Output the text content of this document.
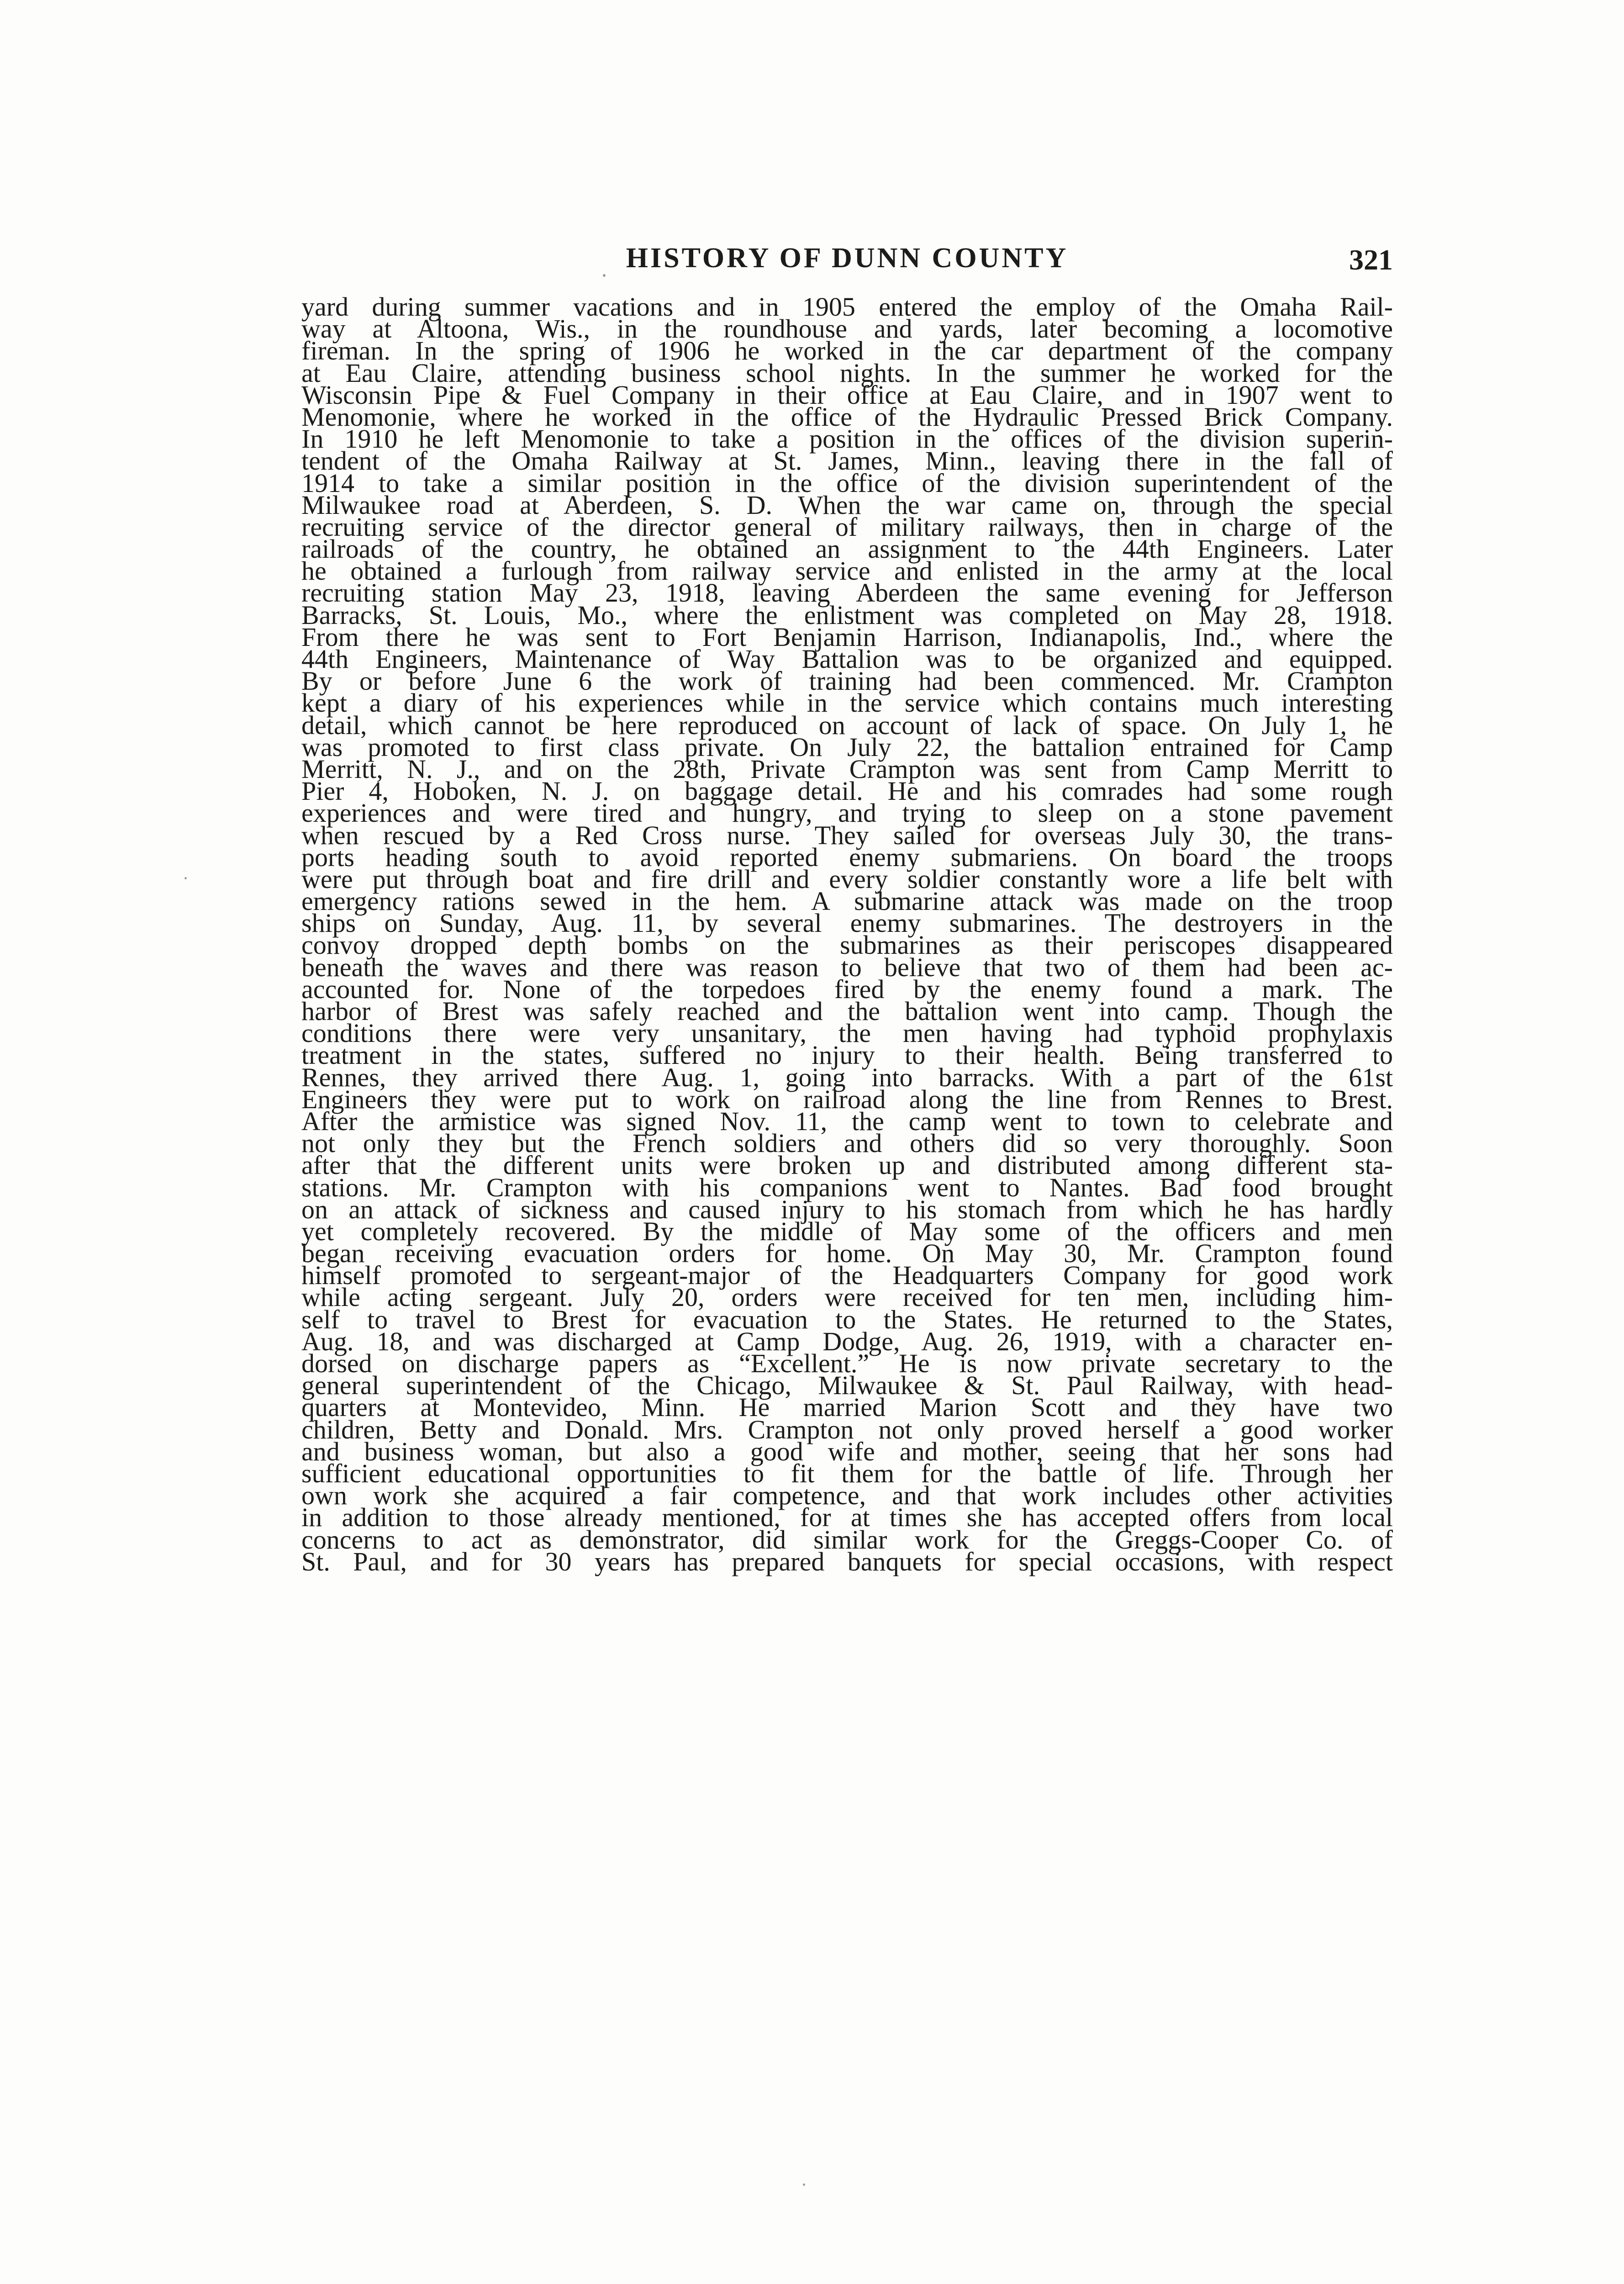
HISTORY OF DUNN COUNTY	321
yard during summer vacations and in 1905 entered the employ of the Omaha Rail-
way at Altoona, Wis., in the roundhouse and yards, later becoming a locomotive
fireman. In the spring of 1906 he worked in the car department of the company
at Eau Claire, attending business school nights. In the summer he worked for the
Wisconsin Pipe & Fuel Company in their office at Eau Claire, and in 1907 went to
Menomonie, where he worked in the office of the Hydraulic Pressed Brick Company.
In 1910 he left Menomonie to take a position in the offices of the division superin-
tendent of the Omaha Railway at St. James, Minn., leaving there in the fall of
1914 to take a similar position in the office of the division superintendent of the
Milwaukee road at Aberdeen, S. D. When the war came on, through the special
recruiting service of the director general of military railways, then in charge of the
railroads of the country, he obtained an assignment to the 44th Engineers. Later
he obtained a furlough from railway service and enlisted in the army at the local
recruiting station May 23, 1918, leaving Aberdeen the same evening for Jefferson
Barracks, St. Louis, Mo., where the enlistment was completed on May 28, 1918.
From there he was sent to Fort Benjamin Harrison, Indianapolis, Ind., where the
44th Engineers, Maintenance of Way Battalion was to be organized and equipped.
By or before June 6 the work of training had been commenced. Mr. Crampton
kept a diary of his experiences while in the service which contains much interesting
detail, which cannot be here reproduced on account of lack of space. On July 1, he
was promoted to first class private. On July 22, the battalion entrained for Camp
Merritt, N. J., and on the 28th, Private Crampton was sent from Camp Merritt to
Pier 4, Hoboken, N. J. on baggage detail. He and his comrades had some rough
experiences and were tired and hungry, and trying to sleep on a stone pavement
when rescued by a Red Cross nurse. They sailed for overseas July 30, the trans-
ports heading south to avoid reported enemy submariens. On board the troops
were put through boat and fire drill and every soldier constantly wore a life belt with
emergency rations sewed in the hem. A submarine attack was made on the troop
ships on Sunday, Aug. 11, by several enemy submarines. The destroyers in the
convoy dropped depth bombs on the submarines as their periscopes disappeared
beneath the waves and there was reason to believe that two of them had been ac-
accounted for. None of the torpedoes fired by the enemy found a mark. The
harbor of Brest was safely reached and the battalion went into camp. Though the
conditions there were very unsanitary, the men having had typhoid prophylaxis
treatment in the states, suffered no injury to their health. Being transferred to
Rennes, they arrived there Aug. 1, going into barracks. With a part of the 61st
Engineers they were put to work on railroad along the line from Rennes to Brest.
After the armistice was signed Nov. 11, the camp went to town to celebrate and
not only they but the French soldiers and others did so very thoroughly. Soon
after that the different units were broken up and distributed among different sta-
stations. Mr. Crampton with his companions went to Nantes. Bad food brought
on an attack of sickness and caused injury to his stomach from which he has hardly
yet completely recovered. By the middle of May some of the officers and men
began receiving evacuation orders for home. On May 30, Mr. Crampton found
himself promoted to sergeant-major of the Headquarters Company for good work
while acting sergeant. July 20, orders were received for ten men, including him-
self to travel to Brest for evacuation to the States. He returned to the States,
Aug. 18, and was discharged at Camp Dodge, Aug. 26, 1919, with a character en-
dorsed on discharge papers as “Excellent.” He is now private secretary to the
general superintendent of the Chicago, Milwaukee & St. Paul Railway, with head-
quarters at Montevideo, Minn. He married Marion Scott and they have two
children, Betty and Donald. Mrs. Crampton not only proved herself a good worker
and business woman, but also a good wife and mother, seeing that her sons had
sufficient educational opportunities to fit them for the battle of life. Through her
own work she acquired a fair competence, and that work includes other activities
in addition to those already mentioned, for at times she has accepted offers from local
concerns to act as demonstrator, did similar work for the Greggs-Cooper Co. of
St. Paul, and for 30 years has prepared banquets for special occasions, with respect
